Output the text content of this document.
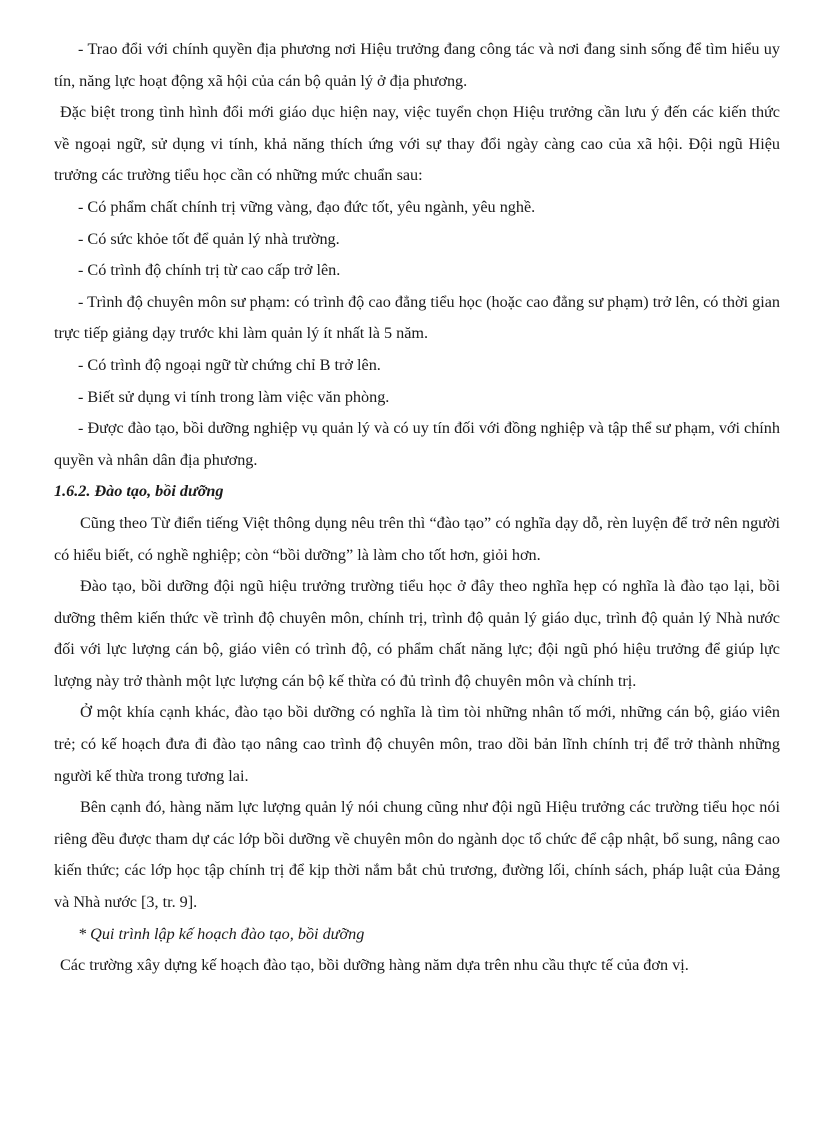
- Trao đổi với chính quyền địa phương nơi Hiệu trưởng đang công tác và nơi đang sinh sống để tìm hiểu uy tín, năng lực hoạt động xã hội của cán bộ quản lý ở địa phương.

Đặc biệt trong tình hình đổi mới giáo dục hiện nay, việc tuyển chọn Hiệu trưởng cần lưu ý đến các kiến thức về ngoại ngữ, sử dụng vi tính, khả năng thích ứng với sự thay đổi ngày càng cao của xã hội. Đội ngũ Hiệu trưởng các trường tiểu học cần có những mức chuẩn sau:

- Có phẩm chất chính trị vững vàng, đạo đức tốt, yêu ngành, yêu nghề.

- Có sức khỏe tốt để quản lý nhà trường.

- Có trình độ chính trị từ cao cấp trở lên.

- Trình độ chuyên môn sư phạm: có trình độ cao đẳng tiểu học (hoặc cao đẳng sư phạm) trở lên, có thời gian trực tiếp giảng dạy trước khi làm quản lý ít nhất là 5 năm.

- Có trình độ ngoại ngữ từ chứng chỉ B trở lên.

- Biết sử dụng vi tính trong làm việc văn phòng.

- Được đào tạo, bồi dưỡng nghiệp vụ quản lý và có uy tín đối với đồng nghiệp và tập thể sư phạm, với chính quyền và nhân dân địa phương.

1.6.2. Đào tạo, bồi dưỡng

Cũng theo Từ điển tiếng Việt thông dụng nêu trên thì “đào tạo” có nghĩa dạy dỗ, rèn luyện để trở nên người có hiểu biết, có nghề nghiệp; còn “bồi dưỡng” là làm cho tốt hơn, giỏi hơn.

Đào tạo, bồi dưỡng đội ngũ hiệu trưởng trường tiểu học ở đây theo nghĩa hẹp có nghĩa là đào tạo lại, bồi dưỡng thêm kiến thức về trình độ chuyên môn, chính trị, trình độ quản lý giáo dục, trình độ quản lý Nhà nước đối với lực lượng cán bộ, giáo viên có trình độ, có phẩm chất năng lực; đội ngũ phó hiệu trưởng để giúp lực lượng này trở thành một lực lượng cán bộ kế thừa có đủ trình độ chuyên môn và chính trị.

Ở một khía cạnh khác, đào tạo bồi dưỡng có nghĩa là tìm tòi những nhân tố mới, những cán bộ, giáo viên trẻ; có kế hoạch đưa đi đào tạo nâng cao trình độ chuyên môn, trao dồi bản lĩnh chính trị để trở thành những người kế thừa trong tương lai.

Bên cạnh đó, hàng năm lực lượng quản lý nói chung cũng như đội ngũ Hiệu trưởng các trường tiểu học nói riêng đều được tham dự các lớp bồi dưỡng về chuyên môn do ngành dọc tổ chức để cập nhật, bổ sung, nâng cao kiến thức; các lớp học tập chính trị để kịp thời nắm bắt chủ trương, đường lối, chính sách, pháp luật của Đảng và Nhà nước [3, tr. 9].

* Qui trình lập kế hoạch đào tạo, bồi dưỡng

Các trường xây dựng kế hoạch đào tạo, bồi dưỡng hàng năm dựa trên nhu cầu thực tế của đơn vị.
